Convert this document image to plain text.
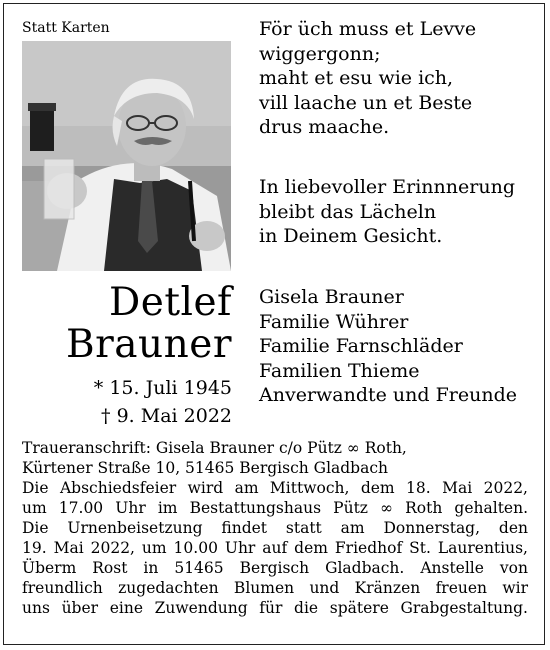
Statt Karten	För üch muss et Levve
wiggergonn;
maht et esu wie ich,
vill laache un et Beste
drus maache.
In liebevoller Erinnnerung
bleibt das Lächeln
in Deinem Gesicht.
Detlef
Brauner
* 15. Juli 1945
† 9. Mai 2022
Gisela Brauner
Familie Wührer
Familie Farnschläder
Familien Thieme
Anverwandte und Freunde
Traueranschrift: Gisela Brauner c/o Pütz ∞ Roth,
Kürtener Straße 10, 51465 Bergisch Gladbach
Die Abschiedsfeier wird am Mittwoch, dem 18. Mai 2022,
um 17.00 Uhr im Bestattungshaus Pütz ∞ Roth gehalten.
Die Urnenbeisetzung findet statt am Donnerstag, den
19. Mai 2022, um 10.00 Uhr auf dem Friedhof St. Laurentius,
Überm Rost in 51465 Bergisch Gladbach. Anstelle von
freundlich zugedachten Blumen und Kränzen freuen wir
uns über eine Zuwendung für die spätere Grabgestaltung.
